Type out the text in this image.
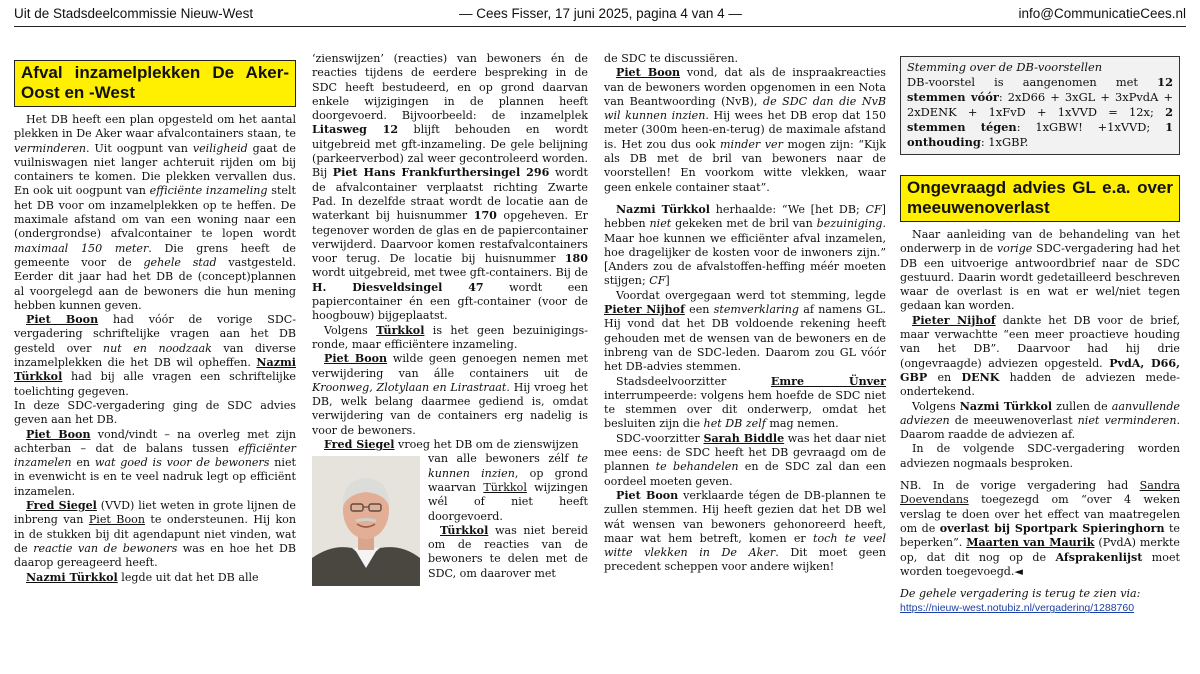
Uit de Stadsdeelcommissie Nieuw-West	— Cees Fisser, 17 juni 2025, pagina 4 van 4 —	info@CommunicatieCees.nl
Afval inzamelplekken De Aker-Oost en -West

Het DB heeft een plan opgesteld om het aantal plekken in De Aker waar afvalcontainers staan, te verminderen. Uit oogpunt van veiligheid gaat de vuilniswagen niet langer achteruit rijden om bij containers te komen. Die plekken vervallen dus. En ook uit oogpunt van efficiënte inzameling stelt het DB voor om inzamelplekken op te heffen. De maximale afstand om van een woning naar een (ondergrondse) afvalcontainer te lopen wordt maximaal 150 meter. Die grens heeft de gemeente voor de gehele stad vastgesteld. Eerder dit jaar had het DB de (concept)plannen al voorgelegd aan de bewoners die hun mening hebben kunnen geven.

Piet Boon had vóór de vorige SDC-vergadering schriftelijke vragen aan het DB gesteld over nut en noodzaak van diverse inzamelplekken die het DB wil opheffen. Nazmi Türkkol had bij alle vragen een schriftelijke toelichting gegeven.

In deze SDC-vergadering ging de SDC advies geven aan het DB.

Piet Boon vond/vindt – na overleg met zijn achterban – dat de balans tussen efficiënter inzamelen en wat goed is voor de bewoners niet in evenwicht is en te veel nadruk legt op efficiënt inzamelen.

Fred Siegel (VVD) liet weten in grote lijnen de inbreng van Piet Boon te ondersteunen. Hij kon in de stukken bij dit agendapunt niet vinden, wat de reactie van de bewoners was en hoe het DB daarop gereageerd heeft.

Nazmi Türkkol legde uit dat het DB alle

‘zienswijzen’ (reacties) van bewoners én de reacties tijdens de eerdere bespreking in de SDC heeft bestudeerd, en op grond daarvan enkele wijzigingen in de plannen heeft doorgevoerd. Bijvoorbeeld: de inzamelplek Litasweg 12 blijft behouden en wordt uitgebreid met gft-inzameling. De gele belijning (parkeerverbod) zal weer gecontroleerd worden. Bij Piet Hans Frankfurthersingel 296 wordt de afvalcontainer verplaatst richting Zwarte Pad. In dezelfde straat wordt de locatie aan de waterkant bij huisnummer 170 opgeheven. Er tegenover worden de glas en de papiercontainer verwijderd. Daarvoor komen restafvalcontainers voor terug. De locatie bij huisnummer 180 wordt uitgebreid, met twee gft-containers. Bij de H. Diesveldsingel 47 wordt een papiercontainer én een gft-container (voor de hoogbouw) bijgeplaatst.

Volgens Türkkol is het geen bezuinigings-ronde, maar efficiëntere inzameling.

Piet Boon wilde geen genoegen nemen met verwijdering van álle containers uit de Kroonweg, Zlotylaan en Lirastraat. Hij vroeg het DB, welk belang daarmee gediend is, omdat verwijdering van de containers erg nadelig is voor de bewoners.

Fred Siegel vroeg het DB om de zienswijzen

van alle bewoners zélf te kunnen inzien, op grond waarvan Türkkol wijzingen wél of niet heeft doorgevoerd.

Türkkol was niet bereid om de reacties van de bewoners te delen met de SDC, om daarover met

de SDC te discussiëren.

Piet Boon vond, dat als de inspraakreacties van de bewoners worden opgenomen in een Nota van Beantwoording (NvB), de SDC dan die NvB wil kunnen inzien. Hij wees het DB erop dat 150 meter (300m heen-en-terug) de maximale afstand is. Het zou dus ook minder ver mogen zijn: “Kijk als DB met de bril van bewoners naar de voorstellen! En voorkom witte vlekken, waar geen enkele container staat”.

Nazmi Türkkol herhaalde: “We [het DB; CF] hebben niet gekeken met de bril van bezuiniging. Maar hoe kunnen we efficiënter afval inzamelen, hoe dragelijker de kosten voor de inwoners zijn.” [Anders zou de afvalstoffen-heffing méér moeten stijgen; CF]

Voordat overgegaan werd tot stemming, legde Pieter Nijhof een stemverklaring af namens GL. Hij vond dat het DB voldoende rekening heeft gehouden met de wensen van de bewoners en de inbreng van de SDC-leden. Daarom zou GL vóór het DB-advies stemmen.

Stadsdeelvoorzitter Emre Ünver interrumpeerde: volgens hem hoefde de SDC niet te stemmen over dit onderwerp, omdat het besluiten zijn die het DB zelf mag nemen.

SDC-voorzitter Sarah Biddle was het daar niet mee eens: de SDC heeft het DB gevraagd om de plannen te behandelen en de SDC zal dan een oordeel moeten geven.

Piet Boon verklaarde tégen de DB-plannen te zullen stemmen. Hij heeft gezien dat het DB wel wát wensen van bewoners gehonoreerd heeft, maar wat hem betreft, komen er toch te veel witte vlekken in De Aker. Dit moet geen precedent scheppen voor andere wijken!

Stemming over de DB-voorstellen
DB-voorstel is aangenomen met 12 stemmen vóór: 2xD66 + 3xGL + 3xPvdA + 2xDENK + 1xFvD + 1xVVD = 12x; 2 stemmen tégen: 1xGBW! +1xVVD; 1 onthouding: 1xGBP.
Ongevraagd advies GL e.a. over meeuwenoverlast

Naar aanleiding van de behandeling van het onderwerp in de vorige SDC-vergadering had het DB een uitvoerige antwoordbrief naar de SDC gestuurd. Daarin wordt gedetailleerd beschreven waar de overlast is en wat er wel/niet tegen gedaan kan worden.

Pieter Nijhof dankte het DB voor de brief, maar verwachtte “een meer proactieve houding van het DB”. Daarvoor had hij drie (ongevraagde) adviezen opgesteld. PvdA, D66, GBP en DENK hadden de adviezen mede-ondertekend.

Volgens Nazmi Türkkol zullen de aanvullende adviezen de meeuwenoverlast niet verminderen. Daarom raadde de adviezen af.

In de volgende SDC-vergadering worden adviezen nogmaals besproken.

NB. In de vorige vergadering had Sandra Doevendans toegezegd om “over 4 weken verslag te doen over het effect van maatregelen om de overlast bij Sportpark Spieringhorn te beperken”. Maarten van Maurik (PvdA) merkte op, dat dit nog op de Afsprakenlijst moet worden toegevoegd.◄

De gehele vergadering is terug te zien via:

https://nieuw-west.notubiz.nl/vergadering/1288760
